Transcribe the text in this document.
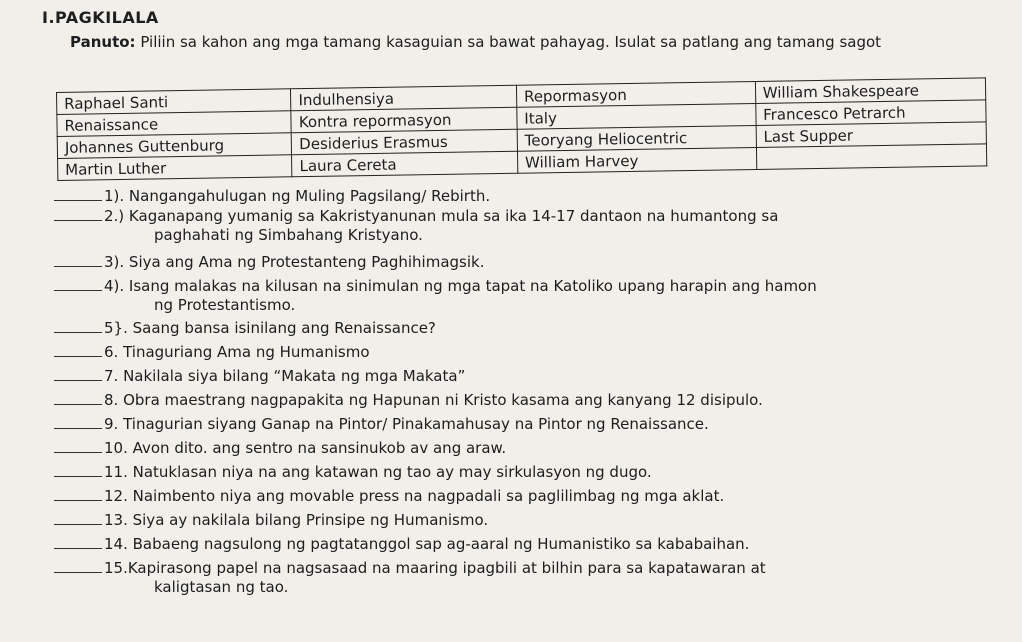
I.PAGKILALA
Panuto: Piliin sa kahon ang mga tamang kasaguian sa bawat pahayag. Isulat sa patlang ang tamang sagot
Raphael Santi	Indulhensiya	Repormasyon	William Shakespeare
Renaissance	Kontra repormasyon	Italy	Francesco Petrarch
Johannes Guttenburg	Desiderius Erasmus	Teoryang Heliocentric	Last Supper
Martin Luther	Laura Cereta	William Harvey	
1). Nangangahulugan ng Muling Pagsilang/ Rebirth.
2.) Kaganapang yumanig sa Kakristyanunan mula sa ika 14-17 dantaon na humantong sa
paghahati ng Simbahang Kristyano.
3). Siya ang Ama ng Protestanteng Paghihimagsik.
4). Isang malakas na kilusan na sinimulan ng mga tapat na Katoliko upang harapin ang hamon
ng Protestantismo.
5}. Saang bansa isinilang ang Renaissance?
6. Tinaguriang Ama ng Humanismo
7. Nakilala siya bilang “Makata ng mga Makata”
8. Obra maestrang nagpapakita ng Hapunan ni Kristo kasama ang kanyang 12 disipulo.
9. Tinagurian siyang Ganap na Pintor/ Pinakamahusay na Pintor ng Renaissance.
10. Avon dito. ang sentro na sansinukob av ang araw.
11. Natuklasan niya na ang katawan ng tao ay may sirkulasyon ng dugo.
12. Naimbento niya ang movable press na nagpadali sa paglilimbag ng mga aklat.
13. Siya ay nakilala bilang Prinsipe ng Humanismo.
14. Babaeng nagsulong ng pagtatanggol sap ag-aaral ng Humanistiko sa kababaihan.
15.Kapirasong papel na nagsasaad na maaring ipagbili at bilhin para sa kapatawaran at
kaligtasan ng tao.
